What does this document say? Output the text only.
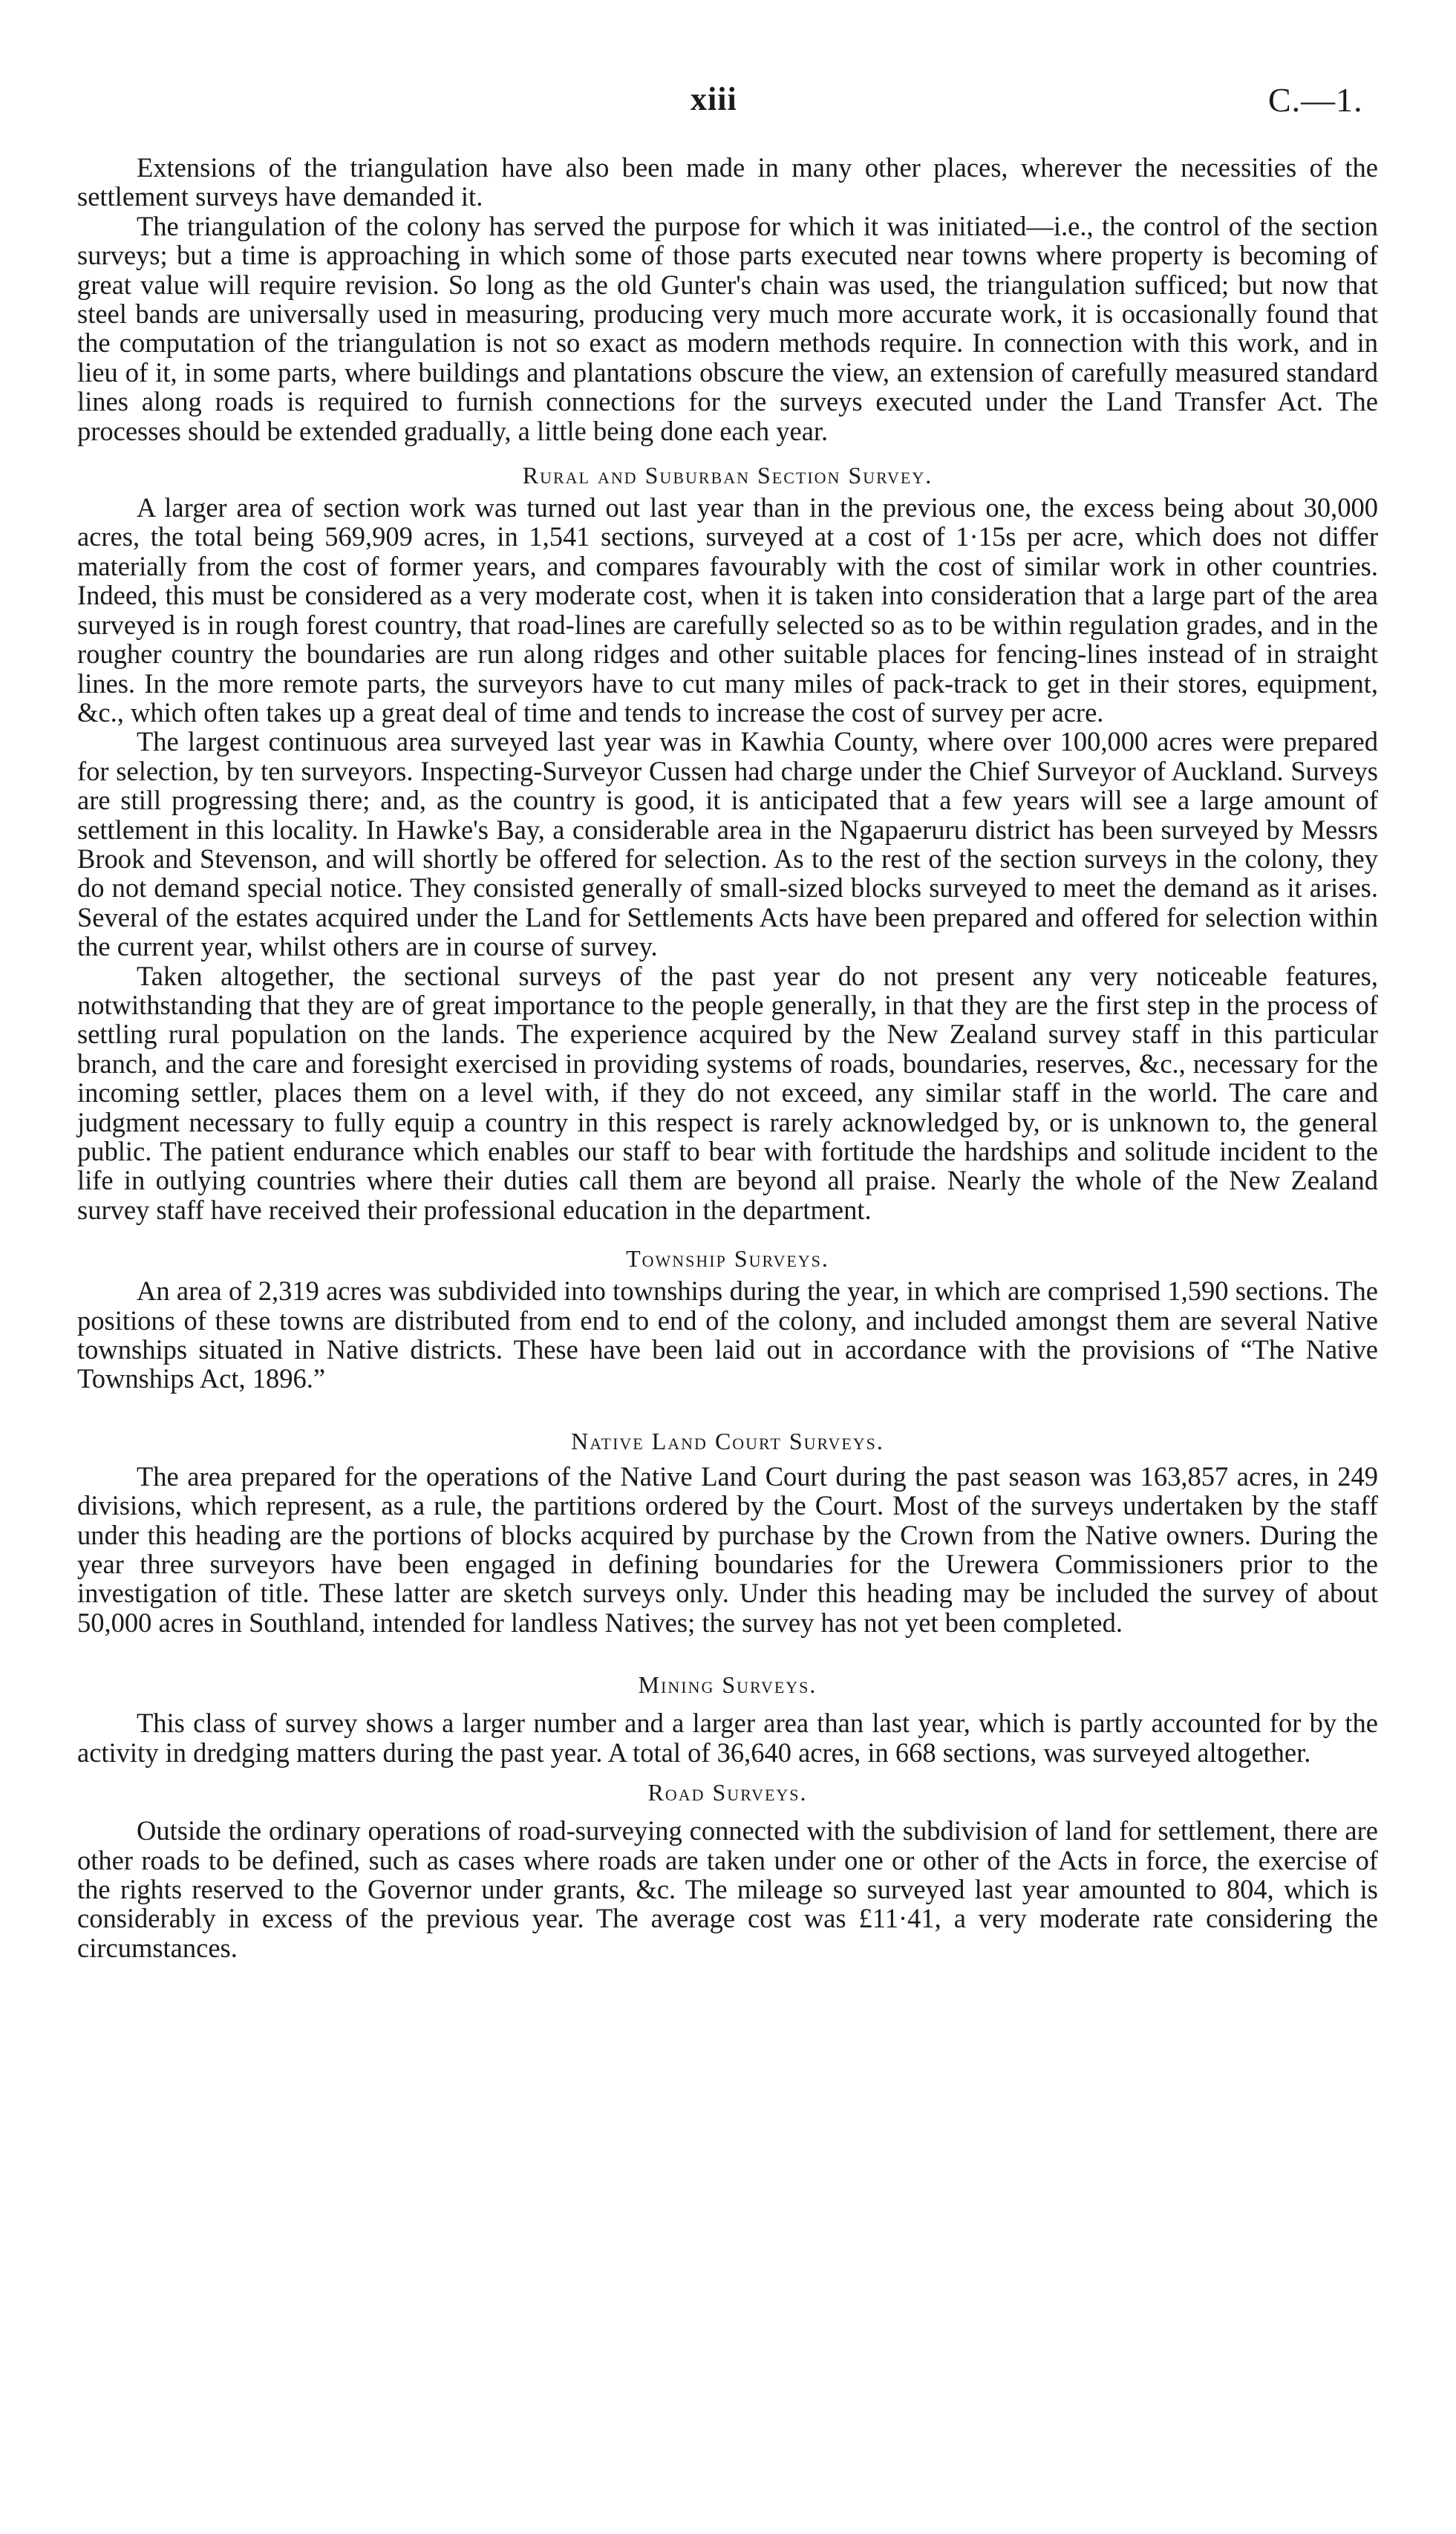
xiii	C.—1.

Extensions of the triangulation have also been made in many other places, wherever the necessities of the settlement surveys have demanded it.

The triangulation of the colony has served the purpose for which it was initiated—i.e., the control of the section surveys; but a time is approaching in which some of those parts executed near towns where property is becoming of great value will require revision. So long as the old Gunter's chain was used, the triangulation sufficed; but now that steel bands are universally used in measuring, producing very much more accurate work, it is occasionally found that the computation of the triangulation is not so exact as modern methods require. In connection with this work, and in lieu of it, in some parts, where buildings and plantations obscure the view, an extension of carefully measured standard lines along roads is required to furnish connections for the surveys executed under the Land Transfer Act. The processes should be extended gradually, a little being done each year.

Rural and Suburban Section Survey.

A larger area of section work was turned out last year than in the previous one, the excess being about 30,000 acres, the total being 569,909 acres, in 1,541 sections, surveyed at a cost of 1·15s per acre, which does not differ materially from the cost of former years, and compares favourably with the cost of similar work in other countries. Indeed, this must be considered as a very moderate cost, when it is taken into consideration that a large part of the area surveyed is in rough forest country, that road-lines are carefully selected so as to be within regulation grades, and in the rougher country the boundaries are run along ridges and other suitable places for fencing-lines instead of in straight lines. In the more remote parts, the surveyors have to cut many miles of pack-track to get in their stores, equipment, &c., which often takes up a great deal of time and tends to increase the cost of survey per acre.

The largest continuous area surveyed last year was in Kawhia County, where over 100,000 acres were prepared for selection, by ten surveyors. Inspecting-Surveyor Cussen had charge under the Chief Surveyor of Auckland. Surveys are still progressing there; and, as the country is good, it is anticipated that a few years will see a large amount of settlement in this locality. In Hawke's Bay, a considerable area in the Ngapaeruru district has been surveyed by Messrs Brook and Stevenson, and will shortly be offered for selection. As to the rest of the section surveys in the colony, they do not demand special notice. They consisted generally of small-sized blocks surveyed to meet the demand as it arises. Several of the estates acquired under the Land for Settlements Acts have been prepared and offered for selection within the current year, whilst others are in course of survey.

Taken altogether, the sectional surveys of the past year do not present any very noticeable features, notwithstanding that they are of great importance to the people generally, in that they are the first step in the process of settling rural population on the lands. The experience acquired by the New Zealand survey staff in this particular branch, and the care and foresight exercised in providing systems of roads, boundaries, reserves, &c., necessary for the incoming settler, places them on a level with, if they do not exceed, any similar staff in the world. The care and judgment necessary to fully equip a country in this respect is rarely acknowledged by, or is unknown to, the general public. The patient endurance which enables our staff to bear with fortitude the hardships and solitude incident to the life in outlying countries where their duties call them are beyond all praise. Nearly the whole of the New Zealand survey staff have received their professional education in the department.

Township Surveys.

An area of 2,319 acres was subdivided into townships during the year, in which are comprised 1,590 sections. The positions of these towns are distributed from end to end of the colony, and included amongst them are several Native townships situated in Native districts. These have been laid out in accordance with the provisions of “The Native Townships Act, 1896.”

Native Land Court Surveys.

The area prepared for the operations of the Native Land Court during the past season was 163,857 acres, in 249 divisions, which represent, as a rule, the partitions ordered by the Court. Most of the surveys undertaken by the staff under this heading are the portions of blocks acquired by purchase by the Crown from the Native owners. During the year three surveyors have been engaged in defining boundaries for the Urewera Commissioners prior to the investigation of title. These latter are sketch surveys only. Under this heading may be included the survey of about 50,000 acres in Southland, intended for landless Natives; the survey has not yet been completed.

Mining Surveys.

This class of survey shows a larger number and a larger area than last year, which is partly accounted for by the activity in dredging matters during the past year. A total of 36,640 acres, in 668 sections, was surveyed altogether.

Road Surveys.

Outside the ordinary operations of road-surveying connected with the subdivision of land for settlement, there are other roads to be defined, such as cases where roads are taken under one or other of the Acts in force, the exercise of the rights reserved to the Governor under grants, &c. The mileage so surveyed last year amounted to 804, which is considerably in excess of the previous year. The average cost was £11·41, a very moderate rate considering the circumstances.
